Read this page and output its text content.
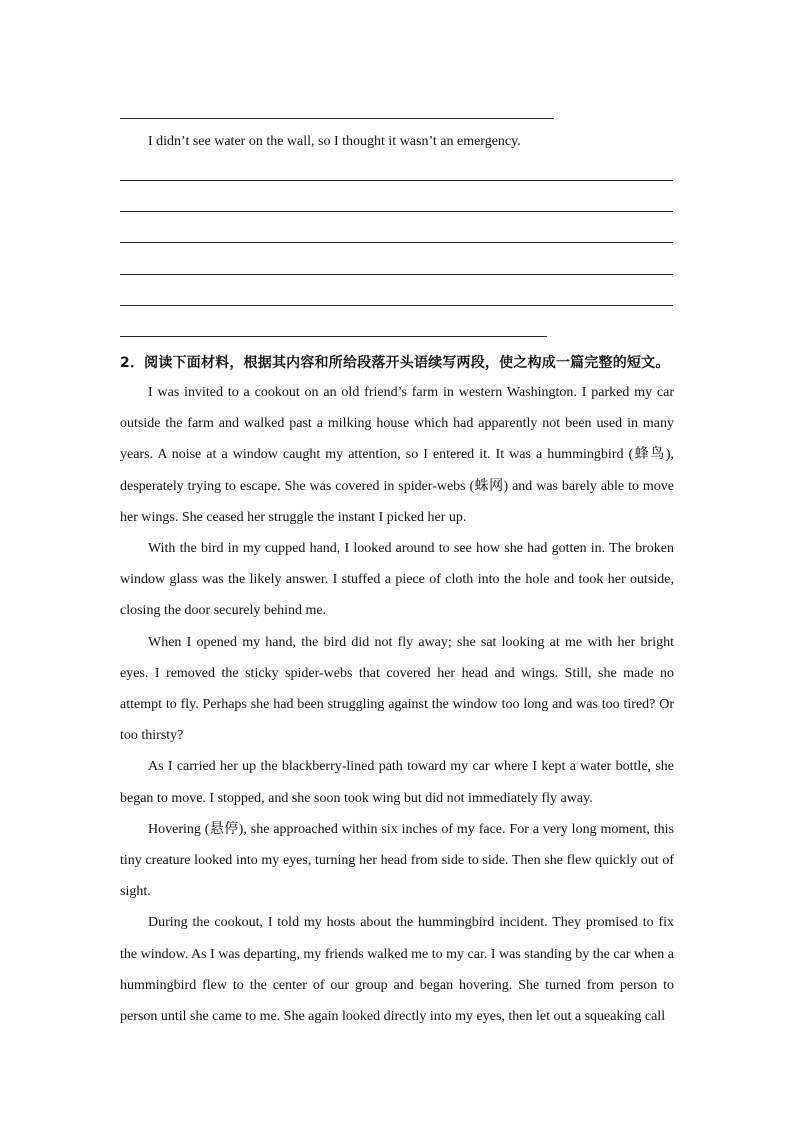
I didn’t see water on the wall, so I thought it wasn’t an emergency.
2．阅读下面材料，根据其内容和所给段落开头语续写两段，使之构成一篇完整的短文。

I was invited to a cookout on an old friend’s farm in western Washington. I parked my car outside the farm and walked past a milking house which had apparently not been used in many years. A noise at a window caught my attention, so I entered it. It was a hummingbird (蜂鸟), desperately trying to escape. She was covered in spider-webs (蛛网) and was barely able to move her wings. She ceased her struggle the instant I picked her up.

With the bird in my cupped hand, I looked around to see how she had gotten in. The broken window glass was the likely answer. I stuffed a piece of cloth into the hole and took her outside, closing the door securely behind me.

When I opened my hand, the bird did not fly away; she sat looking at me with her bright eyes. I removed the sticky spider-webs that covered her head and wings. Still, she made no attempt to fly. Perhaps she had been struggling against the window too long and was too tired? Or too thirsty?

As I carried her up the blackberry-lined path toward my car where I kept a water bottle, she began to move. I stopped, and she soon took wing but did not immediately fly away.

Hovering (悬停), she approached within six inches of my face. For a very long moment, this tiny creature looked into my eyes, turning her head from side to side. Then she flew quickly out of sight.

During the cookout, I told my hosts about the hummingbird incident. They promised to fix the window. As I was departing, my friends walked me to my car. I was standing by the car when a hummingbird flew to the center of our group and began hovering. She turned from person to person until she came to me. She again looked directly into my eyes, then let out a squeaking call
